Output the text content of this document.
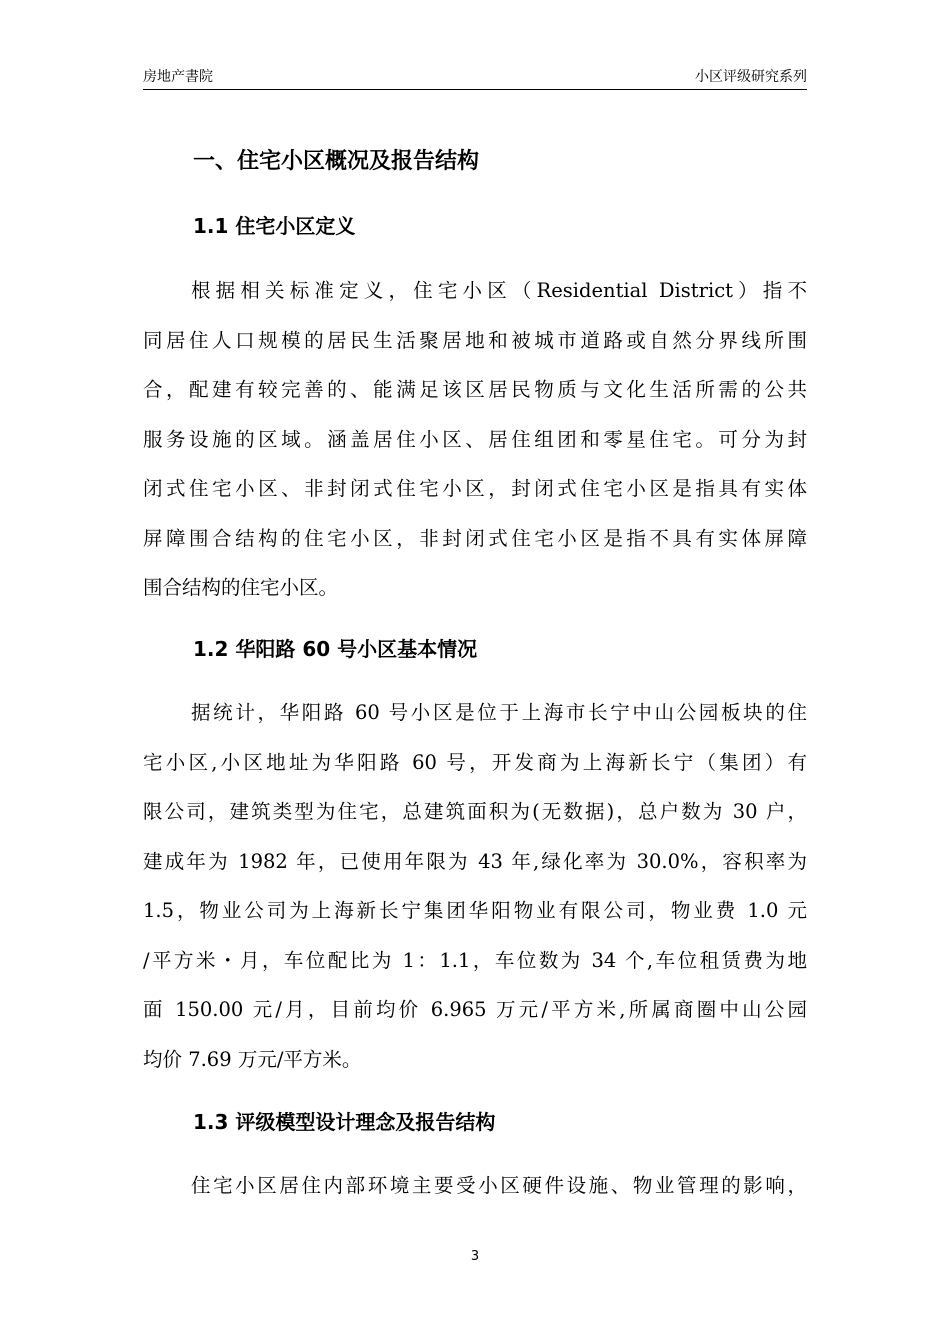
房地产書院	小区评级研究系列
一、住宅小区概况及报告结构
1.1 住宅小区定义
根据相关标准定义，住宅小区（Residential District）指不
同居住人口规模的居民生活聚居地和被城市道路或自然分界线所围
合，配建有较完善的、能满足该区居民物质与文化生活所需的公共
服务设施的区域。涵盖居住小区、居住组团和零星住宅。可分为封
闭式住宅小区、非封闭式住宅小区，封闭式住宅小区是指具有实体
屏障围合结构的住宅小区，非封闭式住宅小区是指不具有实体屏障
围合结构的住宅小区。
1.2 华阳路 60 号小区基本情况
据统计，华阳路 60 号小区是位于上海市长宁中山公园板块的住
宅小区,小区地址为华阳路 60 号，开发商为上海新长宁（集团）有
限公司，建筑类型为住宅，总建筑面积为(无数据)，总户数为 30 户，
建成年为 1982 年，已使用年限为 43 年,绿化率为 30.0%，容积率为
1.5，物业公司为上海新长宁集团华阳物业有限公司，物业费 1.0 元
/平方米・月，车位配比为 1：1.1，车位数为 34 个,车位租赁费为地
面 150.00 元/月，目前均价 6.965 万元/平方米,所属商圈中山公园
均价 7.69 万元/平方米。
1.3 评级模型设计理念及报告结构
住宅小区居住内部环境主要受小区硬件设施、物业管理的影响，
3
